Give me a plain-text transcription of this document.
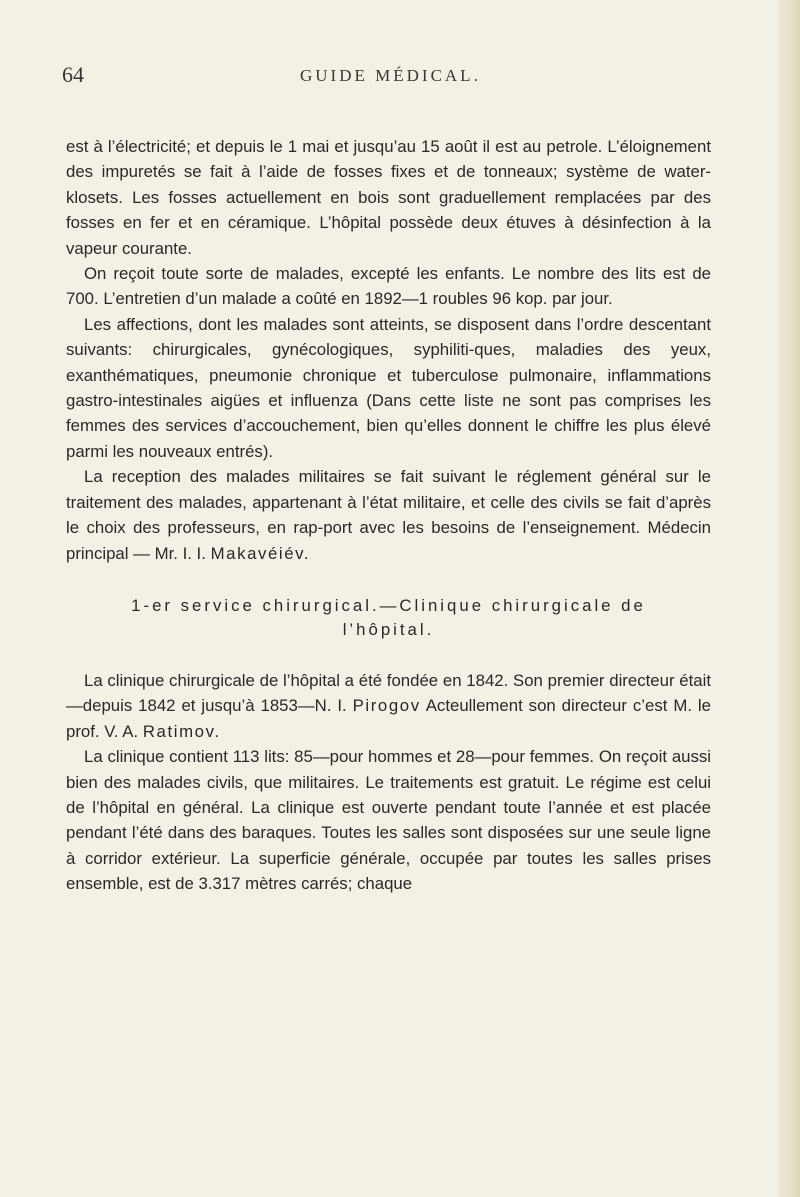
64	GUIDE MÉDICAL.

est à l’électricité; et depuis le 1 mai et jusqu’au 15 août il est au petrole. L’éloignement des impuretés se fait à l’aide de fosses fixes et de tonneaux; système de water-klosets. Les fosses actuellement en bois sont graduellement remplacées par des fosses en fer et en céramique. L’hôpital possède deux étuves à désinfection à la vapeur courante.

On reçoit toute sorte de malades, excepté les enfants. Le nombre des lits est de 700. L’entretien d’un malade a coûté en 1892—1 roubles 96 kop. par jour.

Les affections, dont les malades sont atteints, se disposent dans l’ordre descentant suivants: chirurgicales, gynécologiques, syphiliti-ques, maladies des yeux, exanthématiques, pneumonie chronique et tuberculose pulmonaire, inflammations gastro-intestinales aigües et influenza (Dans cette liste ne sont pas comprises les femmes des services d’accouchement, bien qu’elles donnent le chiffre les plus élevé parmi les nouveaux entrés).

La reception des malades militaires se fait suivant le réglement général sur le traitement des malades, appartenant à l’état militaire, et celle des civils se fait d’après le choix des professeurs, en rap-port avec les besoins de l’enseignement. Médecin principal — Mr. I. I. Makavéiév.

1-er service chirurgical.—Clinique chirurgicale de
l’hôpital.

La clinique chirurgicale de l’hôpital a été fondée en 1842. Son premier directeur était—depuis 1842 et jusqu’à 1853—N. I. Pirogov Acteullement son directeur c’est M. le prof. V. A. Ratimov.

La clinique contient 113 lits: 85—pour hommes et 28—pour femmes. On reçoit aussi bien des malades civils, que militaires. Le traitements est gratuit. Le régime est celui de l’hôpital en général. La clinique est ouverte pendant toute l’année et est placée pendant l’été dans des baraques. Toutes les salles sont disposées sur une seule ligne à corridor extérieur. La superficie générale, occupée par toutes les salles prises ensemble, est de 3.317 mètres carrés; chaque
